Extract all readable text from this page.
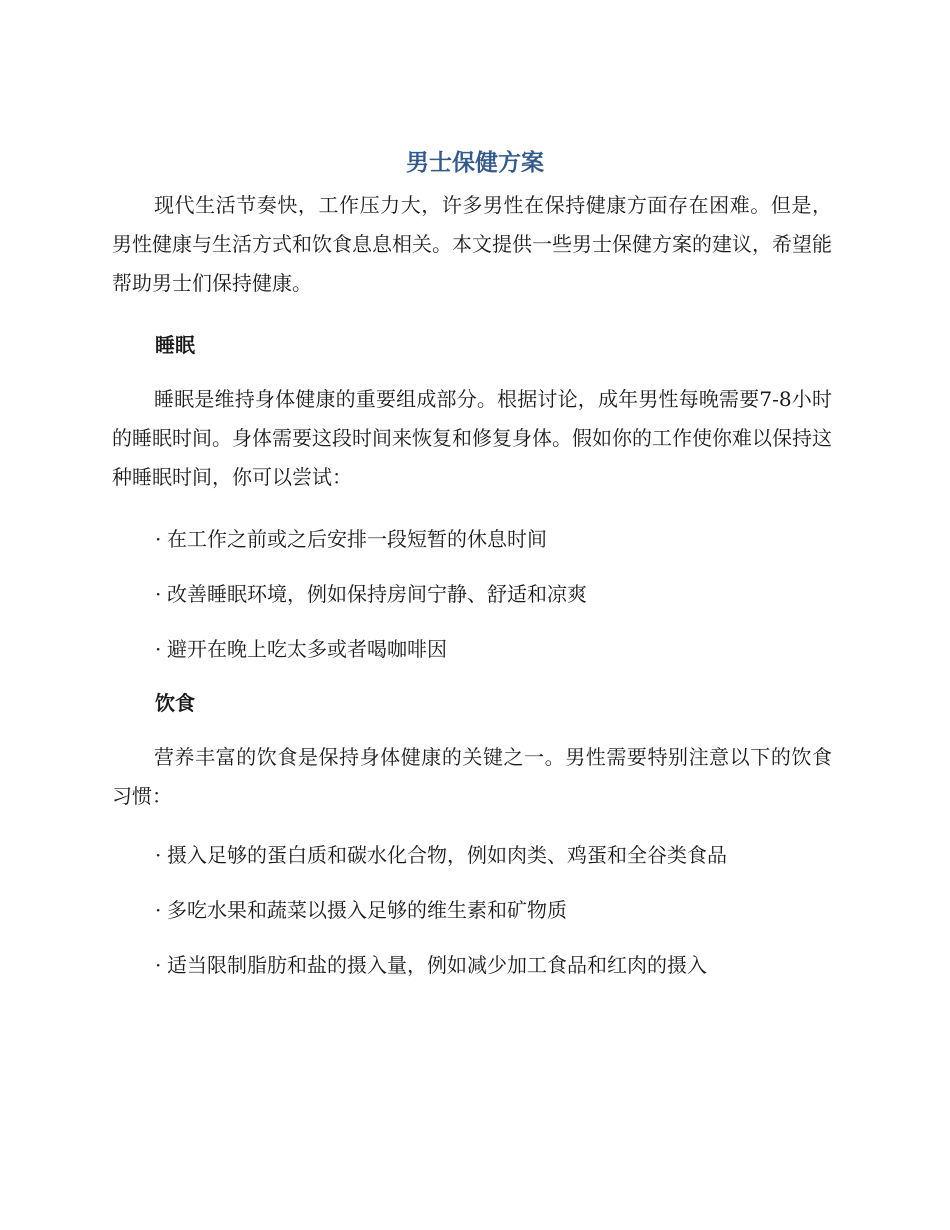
男士保健方案

现代生活节奏快，工作压力大，许多男性在保持健康方面存在困难。但是，男性健康与生活方式和饮食息息相关。本文提供一些男士保健方案的建议，希望能帮助男士们保持健康。

睡眠

睡眠是维持身体健康的重要组成部分。根据讨论，成年男性每晚需要7-8小时的睡眠时间。身体需要这段时间来恢复和修复身体。假如你的工作使你难以保持这种睡眠时间，你可以尝试：

· 在工作之前或之后安排一段短暂的休息时间
· 改善睡眠环境，例如保持房间宁静、舒适和凉爽
· 避开在晚上吃太多或者喝咖啡因
饮食

营养丰富的饮食是保持身体健康的关键之一。男性需要特别注意以下的饮食习惯：

· 摄入足够的蛋白质和碳水化合物，例如肉类、鸡蛋和全谷类食品
· 多吃水果和蔬菜以摄入足够的维生素和矿物质
· 适当限制脂肪和盐的摄入量，例如减少加工食品和红肉的摄入
